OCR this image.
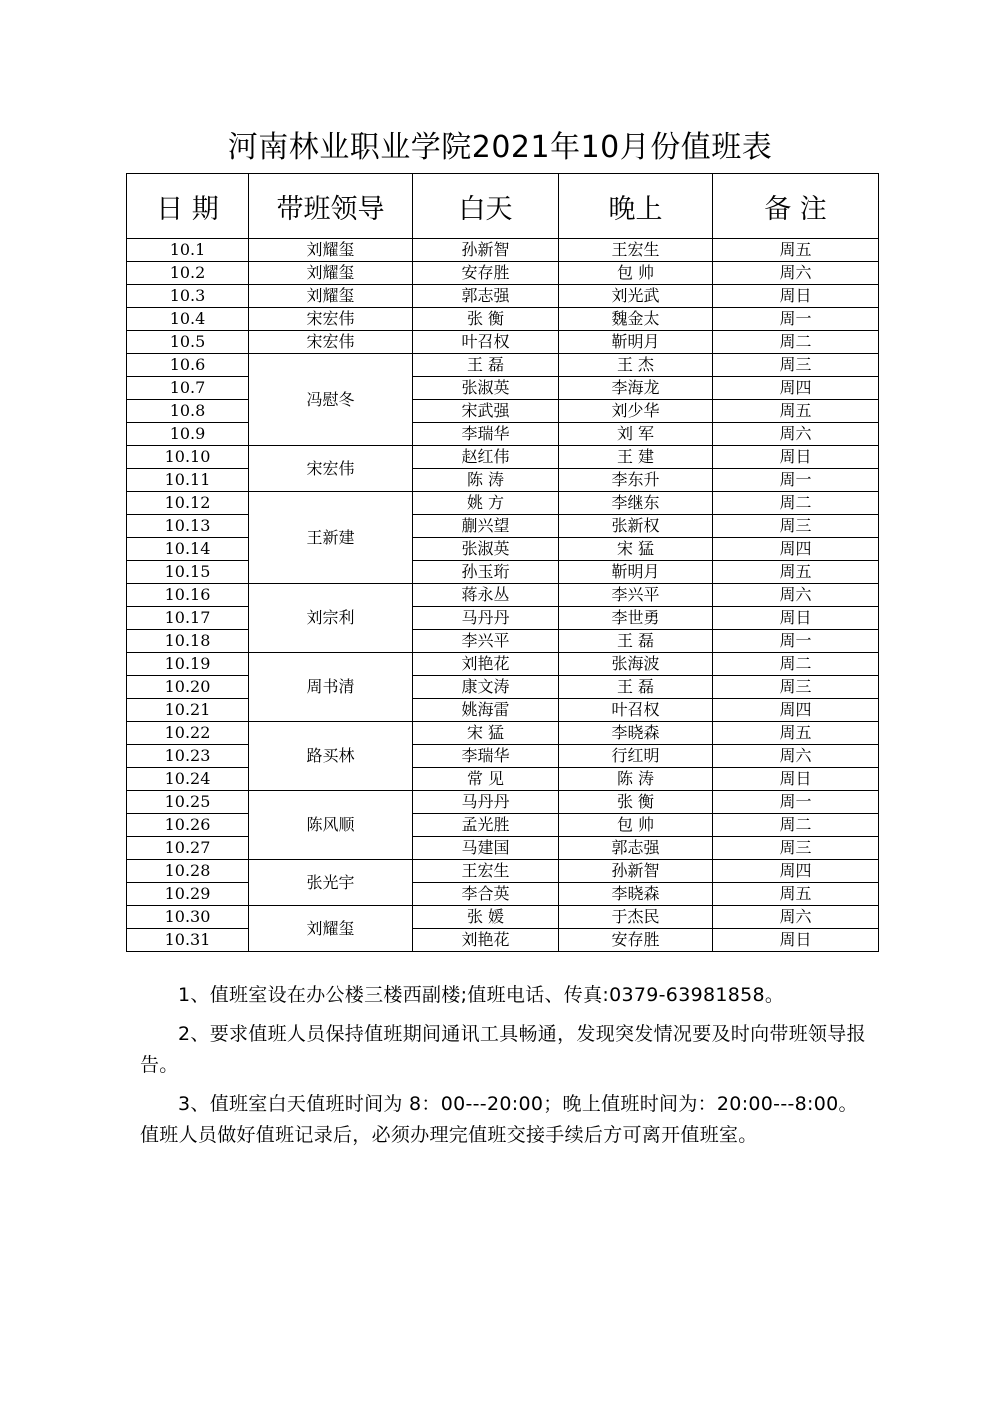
河南林业职业学院2021年10月份值班表
日 期	带班领导	白天	晚上	备 注
10.1	刘耀玺	孙新智	王宏生	周五
10.2	刘耀玺	安存胜	包 帅	周六
10.3	刘耀玺	郭志强	刘光武	周日
10.4	宋宏伟	张 衡	魏金太	周一
10.5	宋宏伟	叶召权	靳明月	周二
10.6	冯慰冬	王 磊	王 杰	周三
10.7		张淑英	李海龙	周四
10.8		宋武强	刘少华	周五
10.9		李瑞华	刘 军	周六
10.10	宋宏伟	赵红伟	王 建	周日
10.11		陈 涛	李东升	周一
10.12	王新建	姚 方	李继东	周二
10.13		蒯兴望	张新权	周三
10.14		张淑英	宋 猛	周四
10.15		孙玉珩	靳明月	周五
10.16	刘宗利	蒋永丛	李兴平	周六
10.17		马丹丹	李世勇	周日
10.18		李兴平	王 磊	周一
10.19	周书清	刘艳花	张海波	周二
10.20		康文涛	王 磊	周三
10.21		姚海雷	叶召权	周四
10.22	路买林	宋 猛	李晓森	周五
10.23		李瑞华	行红明	周六
10.24		常 见	陈 涛	周日
10.25	陈风顺	马丹丹	张 衡	周一
10.26		孟光胜	包 帅	周二
10.27		马建国	郭志强	周三
10.28	张光宇	王宏生	孙新智	周四
10.29		李合英	李晓森	周五
10.30	刘耀玺	张 媛	于杰民	周六
10.31		刘艳花	安存胜	周日

1、值班室设在办公楼三楼西副楼;值班电话、传真:0379-63981858。

2、要求值班人员保持值班期间通讯工具畅通，发现突发情况要及时向带班领导报告。

3、值班室白天值班时间为 8：00---20:00；晚上值班时间为：20:00---8:00。值班人员做好值班记录后，必须办理完值班交接手续后方可离开值班室。
